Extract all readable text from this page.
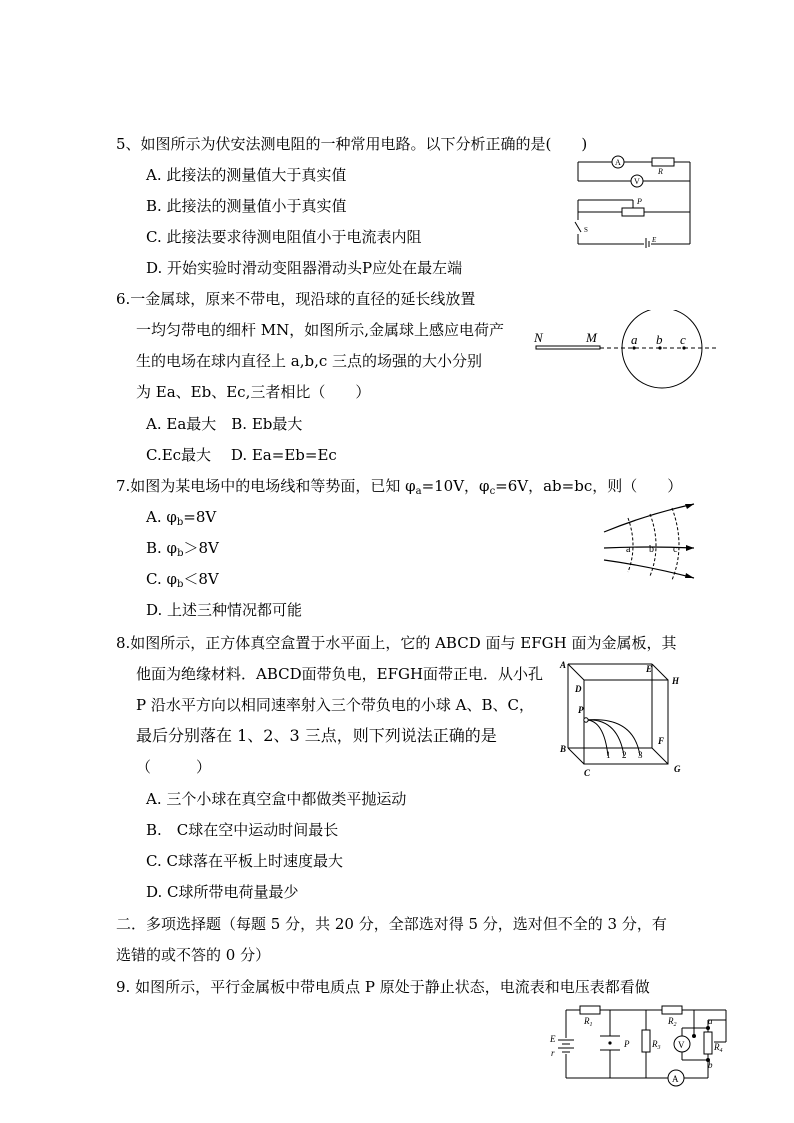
5、如图所示为伏安法测电阻的一种常用电路。以下分析正确的是(　　)
A. 此接法的测量值大于真实值
B. 此接法的测量值小于真实值
C. 此接法要求待测电阻值小于电流表内阻
D. 开始实验时滑动变阻器滑动头P应处在最左端
A
V
R
P
S
E
6.一金属球，原来不带电，现沿球的直径的延长线放置
一均匀带电的细杆 MN，如图所示,金属球上感应电荷产
生的电场在球内直径上 a,b,c 三点的场强的大小分别
为 Ea、Eb、Ec,三者相比（　　）
A. Ea最大　B. Eb最大
C.Ec最大　 D. Ea=Eb=Ec
N	M	a b c
7.如图为某电场中的电场线和等势面，已知 $\varphi_a=10V$，$\varphi_c=6V$，ab=bc，则（　　）
A. $\varphi_b=8V$
B. $\varphi_b>8V$
C. $\varphi_b<8V$
D. 上述三种情况都可能
a b c
8.如图所示，正方体真空盒置于水平面上，它的 ABCD 面与 EFGH 面为金属板，其
他面为绝缘材料．ABCD面带负电，EFGH面带正电．从小孔
P 沿水平方向以相同速率射入三个带负电的小球 A、B、C，
最后分别落在 1、2、3 三点，则下列说法正确的是
（　　　）
A. 三个小球在真空盒中都做类平抛运动
B.　C球在空中运动时间最长
C. C球落在平板上时速度最大
D. C球所带电荷量最少
A
D
E
H
P
B
F
C	G
1 2 3
二．多项选择题（每题 5 分，共 20 分，全部选对得 5 分，选对但不全的 3 分，有
选错的或不答的 0 分）
9. 如图所示，平行金属板中带电质点 P 原处于静止状态，电流表和电压表都看做
E
r
$R_1$
P	$R_3$
$R_2$
$R_4$
a
b
V
A
